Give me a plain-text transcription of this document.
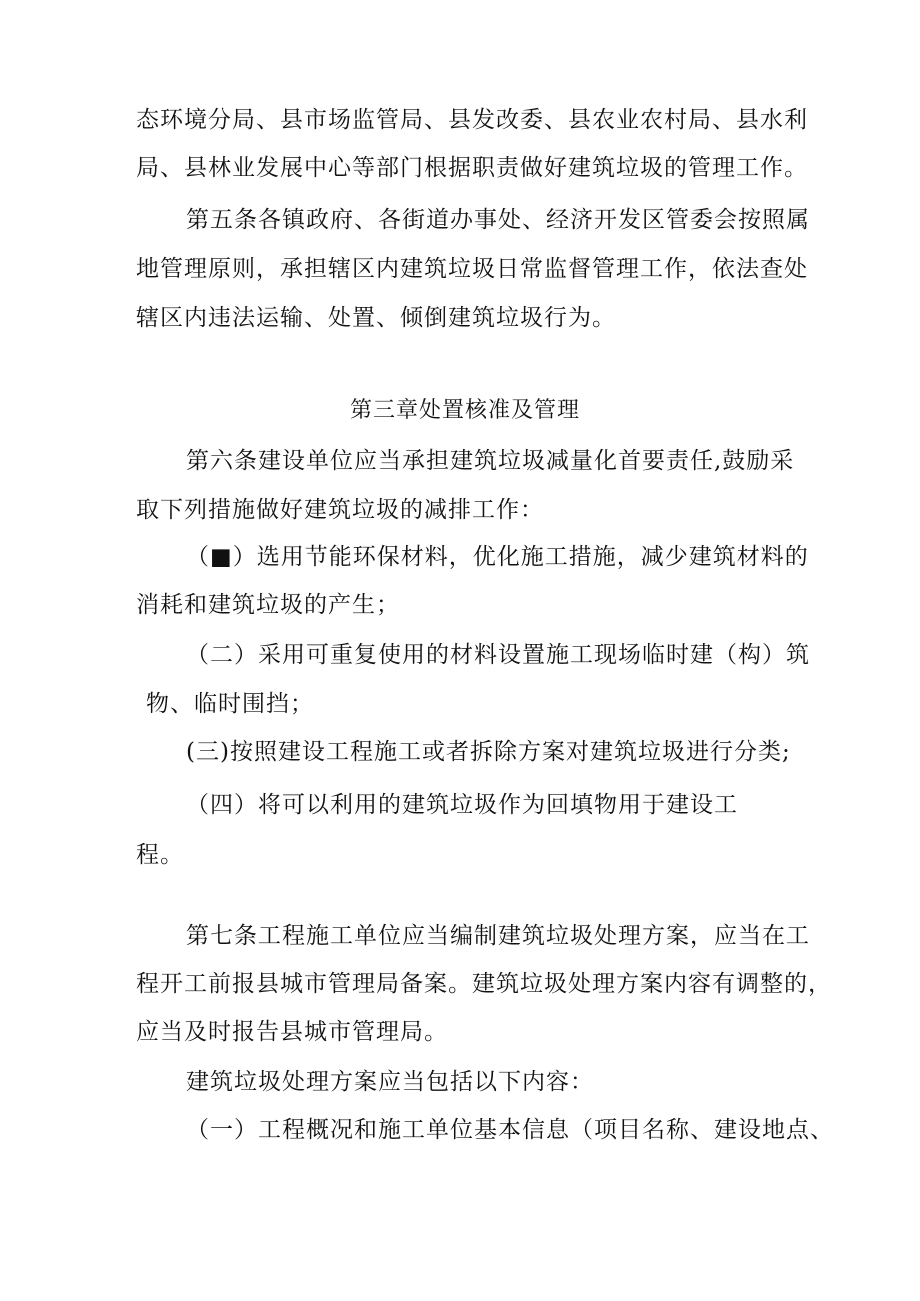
态环境分局、县市场监管局、县发改委、县农业农村局、县水利
局、县林业发展中心等部门根据职责做好建筑垃圾的管理工作。
第五条各镇政府、各街道办事处、经济开发区管委会按照属
地管理原则，承担辖区内建筑垃圾日常监督管理工作，依法查处
辖区内违法运输、处置、倾倒建筑垃圾行为。
第三章处置核准及管理
第六条建设单位应当承担建筑垃圾减量化首要责任,鼓励采
取下列措施做好建筑垃圾的减排工作：
（■）选用节能环保材料，优化施工措施，减少建筑材料的
消耗和建筑垃圾的产生；
（二）采用可重复使用的材料设置施工现场临时建（构）筑
物、临时围挡；
(三)按照建设工程施工或者拆除方案对建筑垃圾进行分类;
（四）将可以利用的建筑垃圾作为回填物用于建设工
程。
第七条工程施工单位应当编制建筑垃圾处理方案，应当在工
程开工前报县城市管理局备案。建筑垃圾处理方案内容有调整的，
应当及时报告县城市管理局。
建筑垃圾处理方案应当包括以下内容：
（一）工程概况和施工单位基本信息（项目名称、建设地点、
